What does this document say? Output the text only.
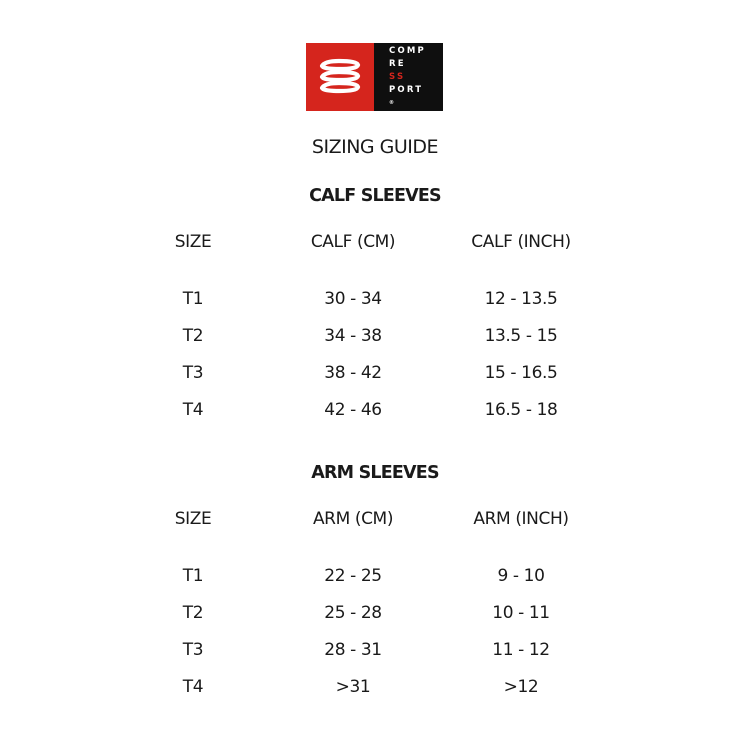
COMP
RE
SS
PORT
®
SIZING GUIDE
CALF SLEEVES
SIZE	CALF (CM)	CALF (INCH)
T1	30 - 34	12 - 13.5
T2	34 - 38	13.5 - 15
T3	38 - 42	15 - 16.5
T4	42 - 46	16.5 - 18
ARM SLEEVES
SIZE	ARM (CM)	ARM (INCH)
T1	22 - 25	9 - 10
T2	25 - 28	10 - 11
T3	28 - 31	11 - 12
T4	>31	>12
